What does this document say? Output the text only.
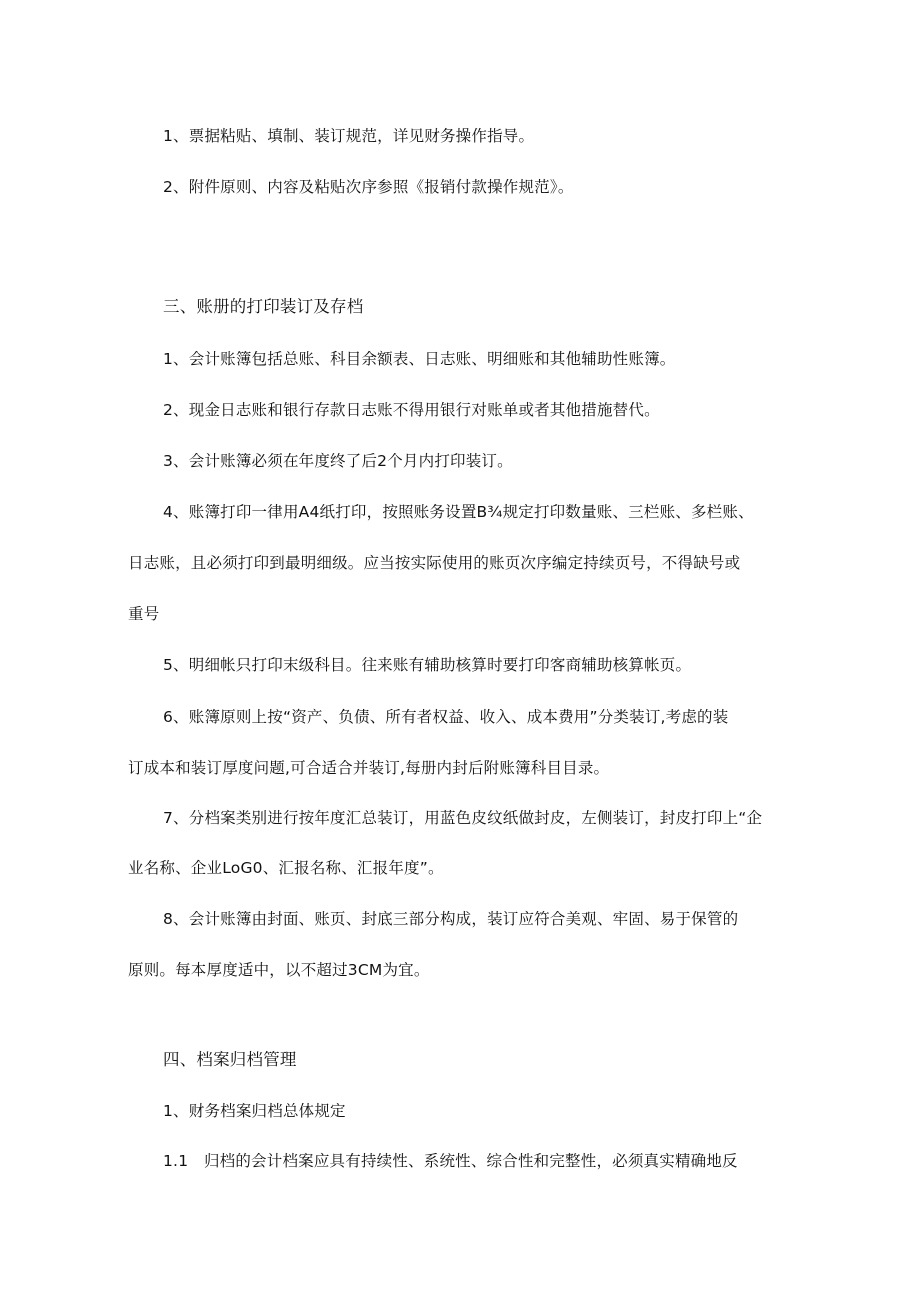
1、票据粘贴、填制、装订规范，详见财务操作指导。
2、附件原则、内容及粘贴次序参照《报销付款操作规范》。
三、账册的打印装订及存档
1、会计账簿包括总账、科目余额表、日志账、明细账和其他辅助性账簿。
2、现金日志账和银行存款日志账不得用银行对账单或者其他措施替代。
3、会计账簿必须在年度终了后2个月内打印装订。
4、账簿打印一律用A4纸打印，按照账务设置B¾规定打印数量账、三栏账、多栏账、
日志账，且必须打印到最明细级。应当按实际使用的账页次序编定持续页号，不得缺号或
重号
5、明细帐只打印末级科目。往来账有辅助核算时要打印客商辅助核算帐页。
6、账簿原则上按“资产、负债、所有者权益、收入、成本费用”分类装订,考虑的装
订成本和装订厚度问题,可合适合并装订,每册内封后附账簿科目目录。
7、分档案类别进行按年度汇总装订，用蓝色皮纹纸做封皮，左侧装订，封皮打印上“企
业名称、企业LoG0、汇报名称、汇报年度”。
8、会计账簿由封面、账页、封底三部分构成，装订应符合美观、牢固、易于保管的
原则。每本厚度适中，以不超过3CM为宜。
四、档案归档管理
1、财务档案归档总体规定
1.1　归档的会计档案应具有持续性、系统性、综合性和完整性，必须真实精确地反
